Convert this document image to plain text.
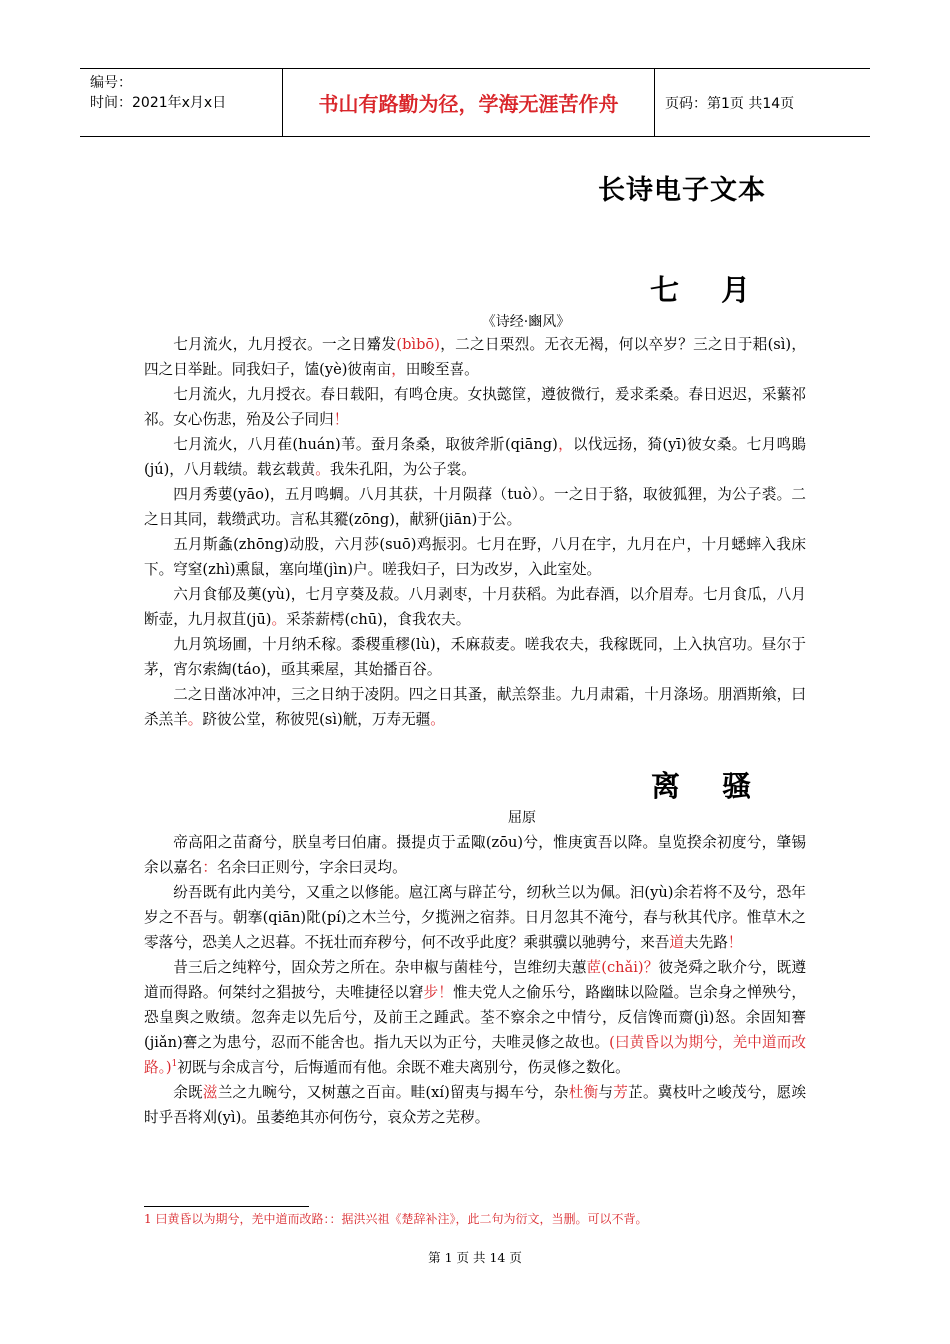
编号：
时间：2021年x月x日	书山有路勤为径，学海无涯苦作舟	页码：第1页 共14页
长诗电子文本
七 月
《诗经·豳风》

七月流火，九月授衣。一之日觱发(bìbō)，二之日栗烈。无衣无褐，何以卒岁？三之日于耜(sì)，四之日举趾。同我妇子，馌(yè)彼南亩，田畯至喜。

七月流火，九月授衣。春日载阳，有鸣仓庚。女执懿筐，遵彼微行，爰求柔桑。春日迟迟，采蘩祁祁。女心伤悲，殆及公子同归！

七月流火，八月萑(huán)苇。蚕月条桑，取彼斧斨(qiāng)，以伐远扬，猗(yī)彼女桑。七月鸣鵙(jú)，八月载绩。载玄载黄。我朱孔阳，为公子裳。

四月秀葽(yāo)，五月鸣蜩。八月其获，十月陨萚（tuò）。一之日于貉，取彼狐狸，为公子裘。二之日其同，载缵武功。言私其豵(zōng)，献豜(jiān)于公。

五月斯螽(zhōng)动股，六月莎(suō)鸡振羽。七月在野，八月在宇，九月在户，十月蟋蟀入我床下。穹窒(zhì)熏鼠，塞向墐(jìn)户。嗟我妇子，曰为改岁，入此室处。

六月食郁及薁(yù)，七月亨葵及菽。八月剥枣，十月获稻。为此春酒，以介眉寿。七月食瓜，八月断壶，九月叔苴(jū)。采荼薪樗(chū)，食我农夫。

九月筑场圃，十月纳禾稼。黍稷重穋(lù)，禾麻菽麦。嗟我农夫，我稼既同，上入执宫功。昼尔于茅，宵尔索綯(táo)，亟其乘屋，其始播百谷。

二之日凿冰冲冲，三之日纳于凌阴。四之日其蚤，献羔祭韭。九月肃霜，十月涤场。朋酒斯飨，曰杀羔羊。跻彼公堂，称彼兕(sì)觥，万寿无疆。

离 骚
屈原

帝高阳之苗裔兮，朕皇考曰伯庸。摄提贞于孟陬(zōu)兮，惟庚寅吾以降。皇览揆余初度兮，肇锡余以嘉名：名余曰正则兮，字余曰灵均。

纷吾既有此内美兮，又重之以修能。扈江离与辟芷兮，纫秋兰以为佩。汩(yù)余若将不及兮，恐年岁之不吾与。朝搴(qiān)阰(pí)之木兰兮，夕揽洲之宿莽。日月忽其不淹兮，春与秋其代序。惟草木之零落兮，恐美人之迟暮。不抚壮而弃秽兮，何不改乎此度？乘骐骥以驰骋兮，来吾道夫先路！

昔三后之纯粹兮，固众芳之所在。杂申椒与菌桂兮，岂维纫夫蕙茝(chǎi)？彼尧舜之耿介兮，既遵道而得路。何桀纣之猖披兮，夫唯捷径以窘步！惟夫党人之偷乐兮，路幽昧以险隘。岂余身之惮殃兮，恐皇舆之败绩。忽奔走以先后兮，及前王之踵武。荃不察余之中情兮，反信馋而齌(jì)怒。余固知謇(jiǎn)謇之为患兮，忍而不能舍也。指九天以为正兮，夫唯灵修之故也。(曰黄昏以为期兮，羌中道而改路。)$^1$初既与余成言兮，后悔遁而有他。余既不难夫离别兮，伤灵修之数化。

余既滋兰之九畹兮，又树蕙之百亩。畦(xí)留夷与揭车兮，杂杜衡与芳芷。冀枝叶之峻茂兮，愿竢时乎吾将刈(yì)。虽萎绝其亦何伤兮，哀众芳之芜秽。

1 曰黄昏以为期兮，羌中道而改路：：据洪兴祖《楚辞补注》，此二句为衍文，当删。可以不背。
第 1 页 共 14 页
